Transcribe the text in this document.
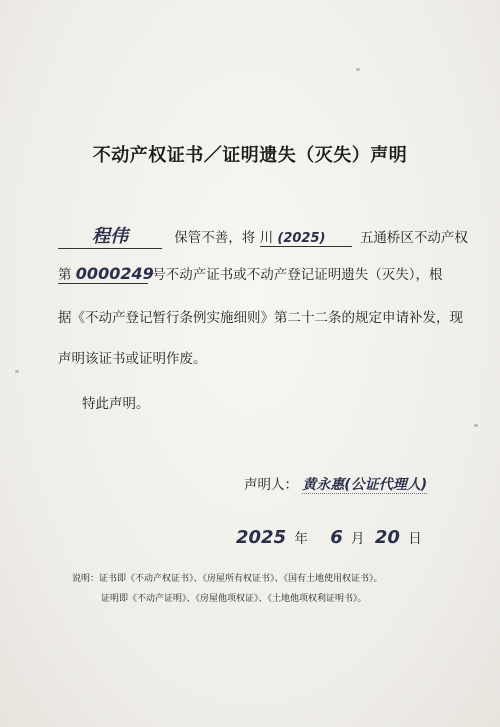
不动产权证书／证明遗失（灭失）声明
程伟	保管不善，将 川 (2025)	五通桥区不动产权
第 0000249 号不动产证书或不动产登记证明遗失（灭失），根
据《不动产登记暂行条例实施细则》第二十二条的规定申请补发，现
声明该证书或证明作废。
特此声明。
声明人： 黄永惠(公证代理人)
2025 年 6 月 20 日
说明：证书即《不动产权证书》、《房屋所有权证书》、《国有土地使用权证书》。
证明即《不动产证明》、《房屋他项权证》、《土地他项权利证明书》。
